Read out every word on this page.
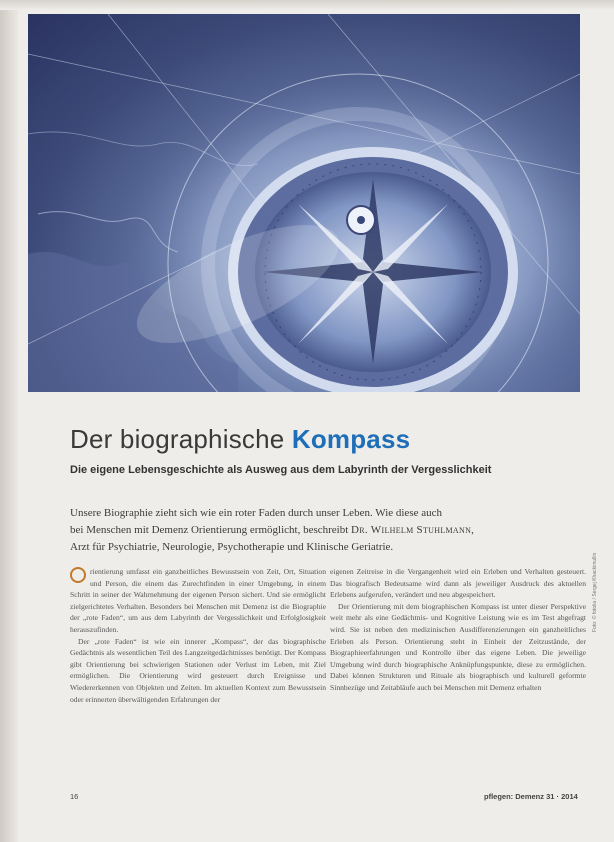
Der biographische Kompass
Die eigene Lebensgeschichte als Ausweg aus dem Labyrinth der Vergesslichkeit
Unsere Biographie zieht sich wie ein roter Faden durch unser Leben. Wie diese auch
bei Menschen mit Demenz Orientierung ermöglicht, beschreibt Dr. Wilhelm Stuhlmann,
Arzt für Psychiatrie, Neurologie, Psychotherapie und Klinische Geriatrie.

rientierung umfasst ein ganzheitliches Bewusstsein von Zeit, Ort, Situation und Person, die einem das Zurechtfinden in einer Umgebung, in einem Schritt in seiner der Wahrnehmung der eigenen Person sichert. Und sie ermöglicht zielgerichtetes Verhalten. Besonders bei Menschen mit Demenz ist die Biographie der „rote Faden“, um aus dem Labyrinth der Vergesslichkeit und Erfolglosigkeit herauszufinden.

Der „rote Faden“ ist wie ein innerer „Kompass“, der das biographische Gedächtnis als wesentlichen Teil des Langzeitgedächtnisses benötigt. Der Kompass gibt Orientierung bei schwierigen Stationen oder Verlust im Leben, mit Ziel ermöglichen. Die Orientierung wird gesteuert durch Ereignisse und Wiedererkennen von Objekten und Zeiten. Im aktuellen Kontext zum Bewusstsein oder erinnerten überwältigenden Erfahrungen der

eigenen Zeitreise in die Vergangenheit wird ein Erleben und Verhalten gesteuert. Das biografisch Bedeutsame wird dann als jeweiliger Ausdruck des aktuellen Erlebens aufgerufen, verändert und neu abgespeichert.

Der Orientierung mit dem biographischen Kompass ist unter dieser Perspektive weit mehr als eine Gedächtnis- und Kognitive Leistung wie es im Test abgefragt wird. Sie ist neben den medizinischen Ausdifferenzierungen ein ganzheitliches Erleben als Person. Orientierung steht in Einheit der Zeitzustände, der Biographieerfahrungen und Kontrolle über das eigene Leben. Die jeweilige Umgebung wird durch biographische Anknüpfungspunkte, diese zu ermöglichen. Dabei können Strukturen und Rituale als biographisch und kulturell geformte Sinnbezüge und Zeitabläufe auch bei Menschen mit Demenz erhalten

Foto: © fotolia / Sergej Khackimullin
16	pflegen: Demenz 31 · 2014
